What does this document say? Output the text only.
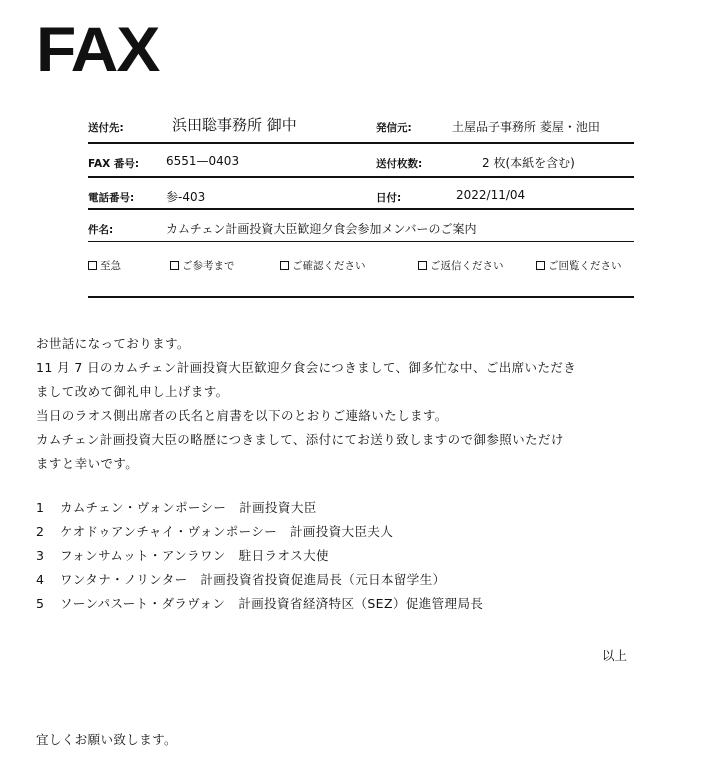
FAX
送付先:	浜田聡事務所 御中	発信元:	土屋品子事務所 菱屋・池田
FAX 番号: 6551—0403	送付枚数:	2 枚(本紙を含む)
電話番号:	参-403	日付:	2022/11/04
件名:	カムチェン計画投資大臣歓迎夕食会参加メンバーのご案内
至急	ご参考まで	ご確認ください	ご返信ください	ご回覧ください

お世話になっております。

11 月 7 日のカムチェン計画投資大臣歓迎夕食会につきまして、御多忙な中、ご出席いただき

まして改めて御礼申し上げます。

当日のラオス側出席者の氏名と肩書を以下のとおりご連絡いたします。

カムチェン計画投資大臣の略歴につきまして、添付にてお送り致しますので御参照いただけ

ますと幸いです。

1 カムチェン・ヴォンポーシー　計画投資大臣
2 ケオドゥアンチャイ・ヴォンポーシー　計画投資大臣夫人
3 フォンサムット・アンラワン　駐日ラオス大使
4 ワンタナ・ノリンター　計画投資省投資促進局長（元日本留学生）
5 ソーンパスート・ダラヴォン　計画投資省経済特区（SEZ）促進管理局長
以上
宜しくお願い致します。
